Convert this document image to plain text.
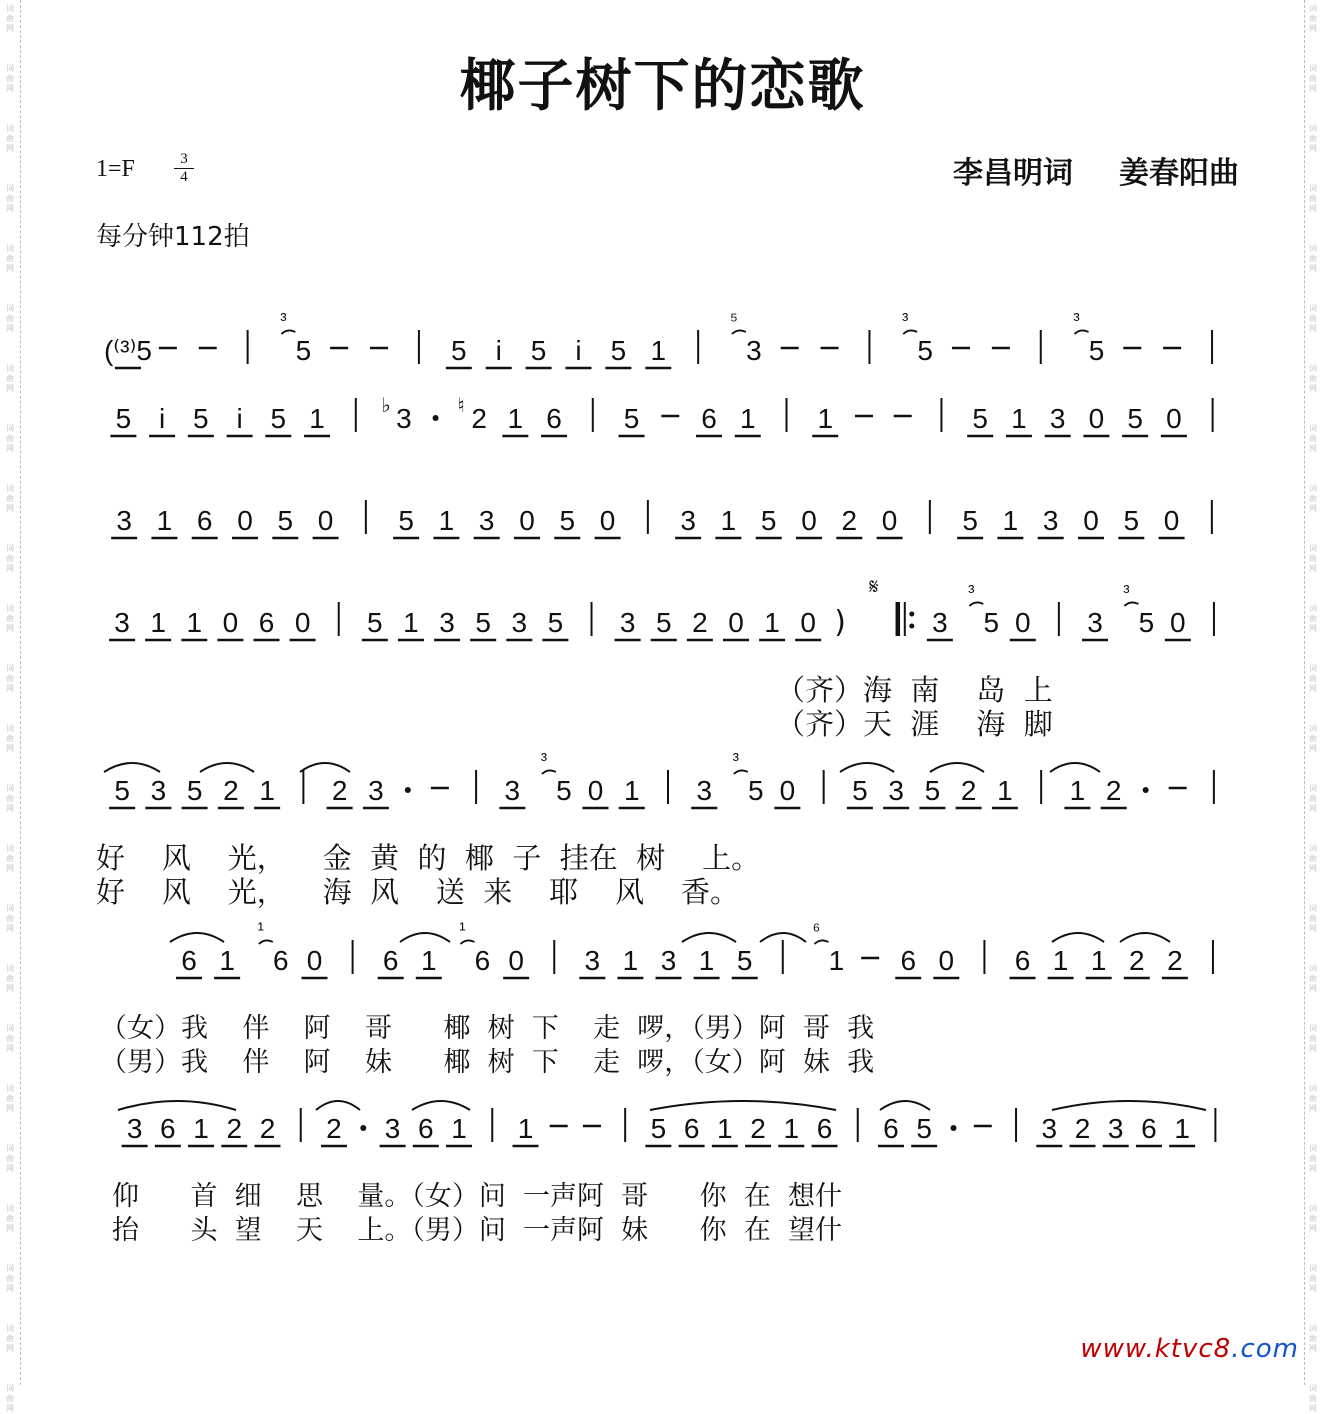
词
曲
网
词
曲
网
词
曲
网
词
曲
网
词
曲
网
词
曲
网
词
曲
网
词
曲
网
词
曲
网
词
曲
网
词
曲
网
词
曲
网
词
曲
网
词
曲
网
词
曲
网
词
曲
网
词
曲
网
词
曲
网
词
曲
网
词
曲
网
词
曲
网
词
曲
网
词
曲
网
词
曲
网
词
曲
网
词
曲
网
词
曲
网
词
曲
网
词
曲
网
词
曲
网
词
曲
网
词
曲
网
词
曲
网
词
曲
网
词
曲
网
词
曲
网
词
曲
网
词
曲
网
词
曲
网
词
曲
网
词
曲
网
词
曲
网
词
曲
网
词
曲
网
词
曲
网
词
曲
网
词
曲
网
词
曲
网
椰子树下的恋歌
1=F	3
4	李昌明词 姜春阳曲
每分钟112拍
(⁽³⁾5
³
5	5 i 5 i 5 1
⁵
3
³
5
³
5
5 i 5 i 5 1	♭ 3 ♮ 2 1 6 5 6 1 1	5 1 3 0 5 0
3 1 6 0 5 0 5 1 3 0 5 0 3 1 5 0 2 0 5 1 3 0 5 0
3 1 1 0 6 0 5 1 3 5 3 5 3 5 2 0 1 0 )
𝄋
3
³
5 0 3
³
5 0
5 3 5 2 1 2 3	3
³
5 0 1 3
³
5 0 5 3 5 2 1 1 2
6 1
¹
6 0 6 1
¹
6 0 3 1 3 1 5
⁶
1 6 0 6 1 1 2 2
3 6 1 2 2 2 3 6 1 1	5 6 1 2 1 6 6 5	3 2 3 6 1
（齐）海  南    岛  上
（齐）天  涯    海  脚
好    风    光，    金  黄  的  椰  子  挂在  树    上。
好    风    光，    海  风    送  来    耶    风    香。
（女）我    伴    阿    哥      椰  树  下    走  啰，（男）阿  哥  我
（男）我    伴    阿    妹      椰  树  下    走  啰，（女）阿  妹  我
仰      首  细    思    量。（女）问  一声阿  哥      你  在  想什
抬      头  望    天    上。（男）问  一声阿  妹      你  在  望什
www.ktvc8.com
